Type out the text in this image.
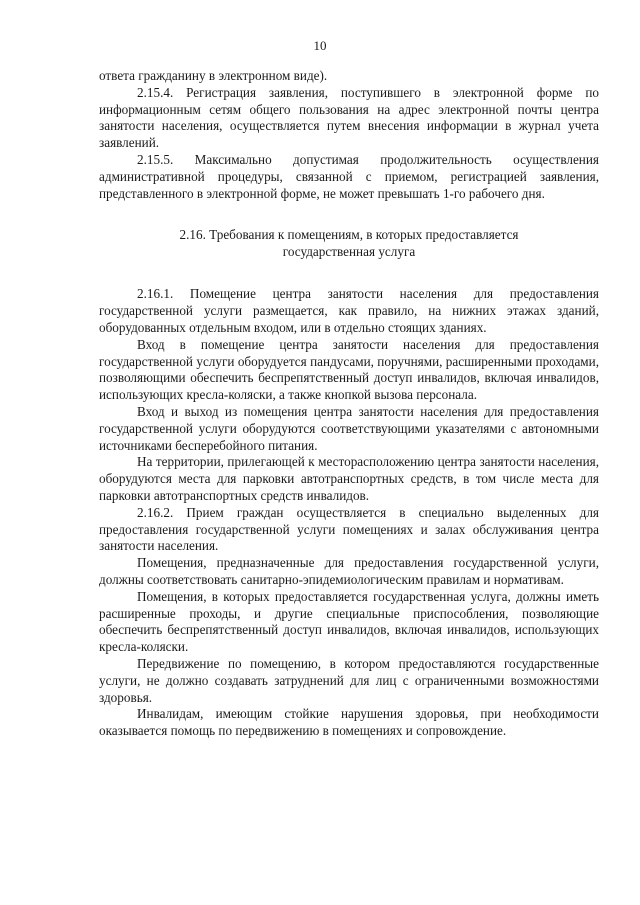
10

ответа гражданину в электронном виде).

2.15.4. Регистрация заявления, поступившего в электронной форме по информационным сетям общего пользования на адрес электронной почты центра занятости населения, осуществляется путем внесения информации в журнал учета заявлений.

2.15.5. Максимально допустимая продолжительность осуществления административной процедуры, связанной с приемом, регистрацией заявления, представленного в электронной форме, не может превышать 1-го рабочего дня.

2.16. Требования к помещениям, в которых предоставляется
государственная услуга

2.16.1. Помещение центра занятости населения для предоставления государственной услуги размещается, как правило, на нижних этажах зданий, оборудованных отдельным входом, или в отдельно стоящих зданиях.

Вход в помещение центра занятости населения для предоставления государственной услуги оборудуется пандусами, поручнями, расширенными проходами, позволяющими обеспечить беспрепятственный доступ инвалидов, включая инвалидов, использующих кресла-коляски, а также кнопкой вызова персонала.

Вход и выход из помещения центра занятости населения для предоставления государственной услуги оборудуются соответствующими указателями с автономными источниками бесперебойного питания.

На территории, прилегающей к месторасположению центра занятости населения, оборудуются места для парковки автотранспортных средств, в том числе места для парковки автотранспортных средств инвалидов.

2.16.2. Прием граждан осуществляется в специально выделенных для предоставления государственной услуги помещениях и залах обслуживания центра занятости населения.

Помещения, предназначенные для предоставления государственной услуги, должны соответствовать санитарно-эпидемиологическим правилам и нормативам.

Помещения, в которых предоставляется государственная услуга, должны иметь расширенные проходы, и другие специальные приспособления, позволяющие обеспечить беспрепятственный доступ инвалидов, включая инвалидов, использующих кресла-коляски.

Передвижение по помещению, в котором предоставляются государственные услуги, не должно создавать затруднений для лиц с ограниченными возможностями здоровья.

Инвалидам, имеющим стойкие нарушения здоровья, при необходимости оказывается помощь по передвижению в помещениях и сопровождение.
